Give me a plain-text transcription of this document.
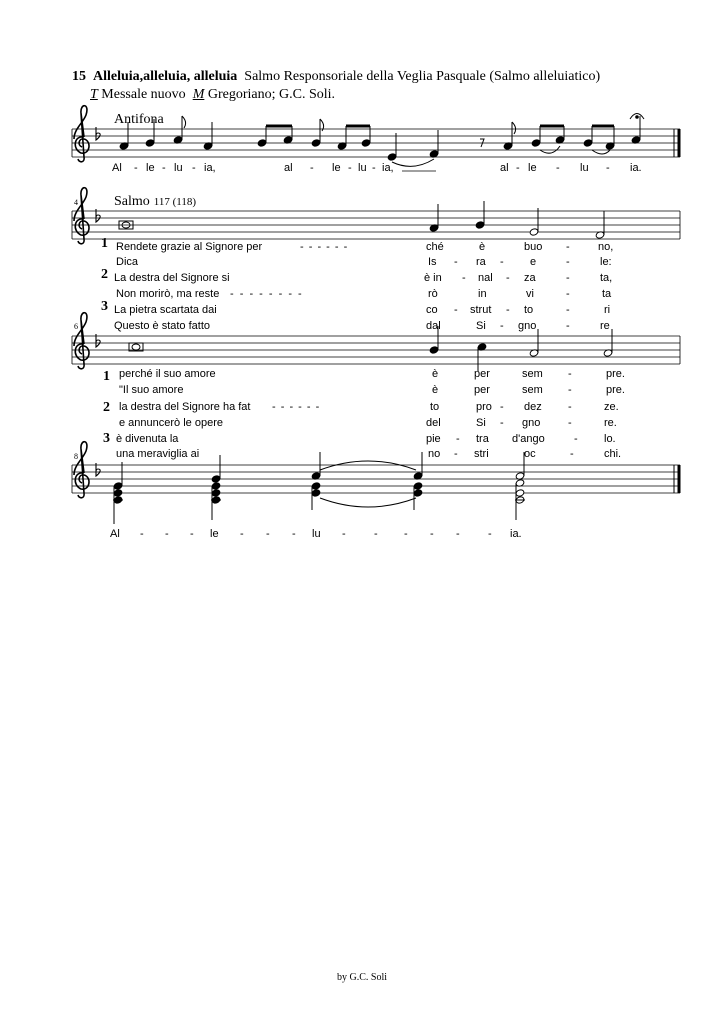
15 Alleluia,alleluia, alleluia Salmo Responsoriale della Veglia Pasquale (Salmo alleluiatico)
T Messale nuovo M Gregoriano; G.C. Soli.
Antifona
Al - le - lu - ia,	al - le - lu - ia,	al - le - lu - ia.
4	Salmo 117 (118)
1 Rendete grazie al Signore per	- - - - - -	ché	è	buo -	no,
Dica	Is - ra - e	-	le:
2 La destra del Signore si	è in - nal - za	-	ta,
Non morirò, ma reste - - - - - - - -	rò	in	vi	-	ta
3 La pietra scartata dai	co - strut - to	-	ri
Questo è stato fatto	dal	Si - gno	-	re
6
1 perché il suo amore	è	per	sem -	pre.
"Il suo amore	è	per	sem -	pre.
2 la destra del Signore ha fat - - - - - -	to	pro - dez -	ze.
e annuncerò le opere	del	Si - gno	-	re.
3 è divenuta la	pie - tra d'ango	- lo.
una meraviglia ai	no - stri	oc	-	chi.
8
Al - - - le - - - lu -	- - - -	- ia.
by G.C. Soli
